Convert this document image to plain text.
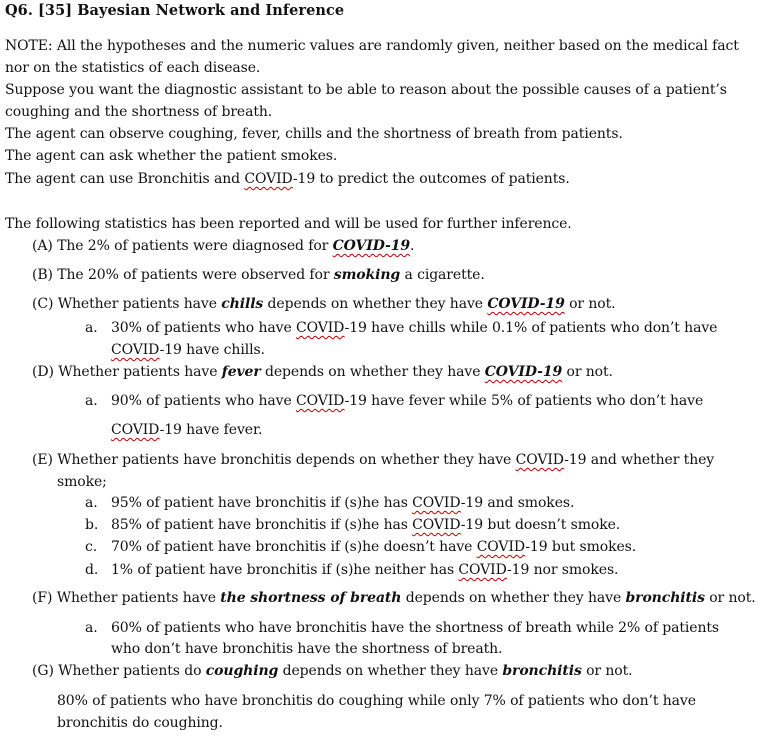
Q6. [35] Bayesian Network and Inference
NOTE: All the hypotheses and the numeric values are randomly given, neither based on the medical fact
nor on the statistics of each disease.
Suppose you want the diagnostic assistant to be able to reason about the possible causes of a patient’s
coughing and the shortness of breath.
The agent can observe coughing, fever, chills and the shortness of breath from patients.
The agent can ask whether the patient smokes.
The agent can use Bronchitis and COVID-19 to predict the outcomes of patients.
The following statistics has been reported and will be used for further inference.
(A) The 2% of patients were diagnosed for COVID-19.
(B) The 20% of patients were observed for smoking a cigarette.
(C) Whether patients have chills depends on whether they have COVID-19 or not.
a. 30% of patients who have COVID-19 have chills while 0.1% of patients who don’t have
COVID-19 have chills.
(D) Whether patients have fever depends on whether they have COVID-19 or not.
a. 90% of patients who have COVID-19 have fever while 5% of patients who don’t have
COVID-19 have fever.
(E) Whether patients have bronchitis depends on whether they have COVID-19 and whether they
smoke;
a. 95% of patient have bronchitis if (s)he has COVID-19 and smokes.
b. 85% of patient have bronchitis if (s)he has COVID-19 but doesn’t smoke.
c. 70% of patient have bronchitis if (s)he doesn’t have COVID-19 but smokes.
d. 1% of patient have bronchitis if (s)he neither has COVID-19 nor smokes.
(F) Whether patients have the shortness of breath depends on whether they have bronchitis or not.
a. 60% of patients who have bronchitis have the shortness of breath while 2% of patients
who don’t have bronchitis have the shortness of breath.
(G) Whether patients do coughing depends on whether they have bronchitis or not.
80% of patients who have bronchitis do coughing while only 7% of patients who don’t have
bronchitis do coughing.
